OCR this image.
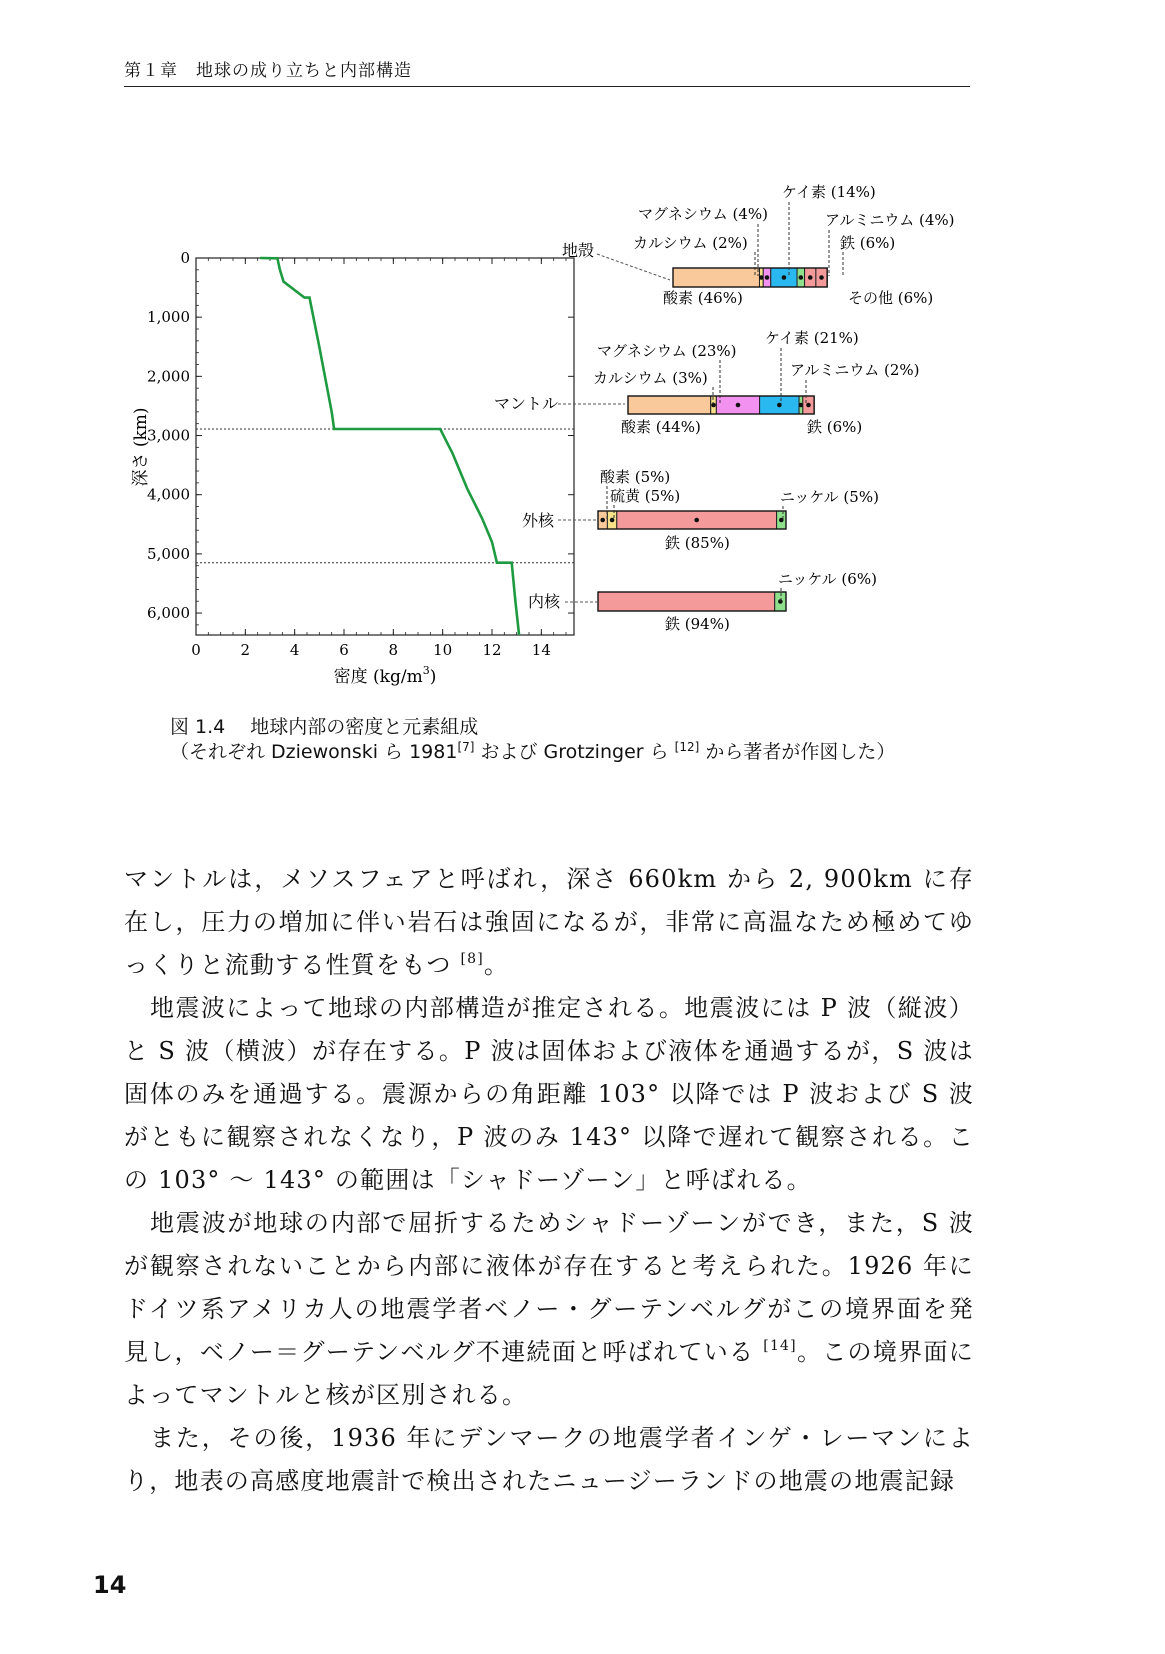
第１章　地球の成り立ちと内部構造
0	2	4	6	8 10 12 14
0
1,000
2,000
3,000
4,000
5,000
6,000
深さ (km)
密度 $(kg/m^3)$
地殻
マントル
外核
内核
ケイ素 (14%)
マグネシウム (4%)	アルミニウム (4%)
カルシウム (2%)	鉄 (6%)
酸素 (46%)	その他 (6%)
ケイ素 (21%)
マグネシウム (23%)
アルミニウム (2%)
カルシウム (3%)
酸素 (44%)	鉄 (6%)
酸素 (5%)
硫黄 (5%)	ニッケル (5%)
鉄 (85%)
ニッケル (6%)
鉄 (94%)
図 1.4　 地球内部の密度と元素組成
（それぞれ Dziewonski ら 1981[7] および Grotzinger ら [12] から著者が作図した）

マントルは，メソスフェアと呼ばれ，深さ 660km から 2, 900km に存在し，圧力の増加に伴い岩石は強固になるが，非常に高温なため極めてゆっくりと流動する性質をもつ [8]。

地震波によって地球の内部構造が推定される。地震波には P 波（縦波）と S 波（横波）が存在する。P 波は固体および液体を通過するが，S 波は固体のみを通過する。震源からの角距離 103° 以降では P 波および S 波がともに観察されなくなり，P 波のみ 143° 以降で遅れて観察される。この 103° ～ 143° の範囲は「シャドーゾーン」と呼ばれる。

地震波が地球の内部で屈折するためシャドーゾーンができ，また，S 波が観察されないことから内部に液体が存在すると考えられた。1926 年にドイツ系アメリカ人の地震学者ベノー・グーテンベルグがこの境界面を発見し，ベノー＝グーテンベルグ不連続面と呼ばれている [14]。この境界面によってマントルと核が区別される。

また，その後，1936 年にデンマークの地震学者インゲ・レーマンにより，地表の高感度地震計で検出されたニュージーランドの地震の地震記録

14
